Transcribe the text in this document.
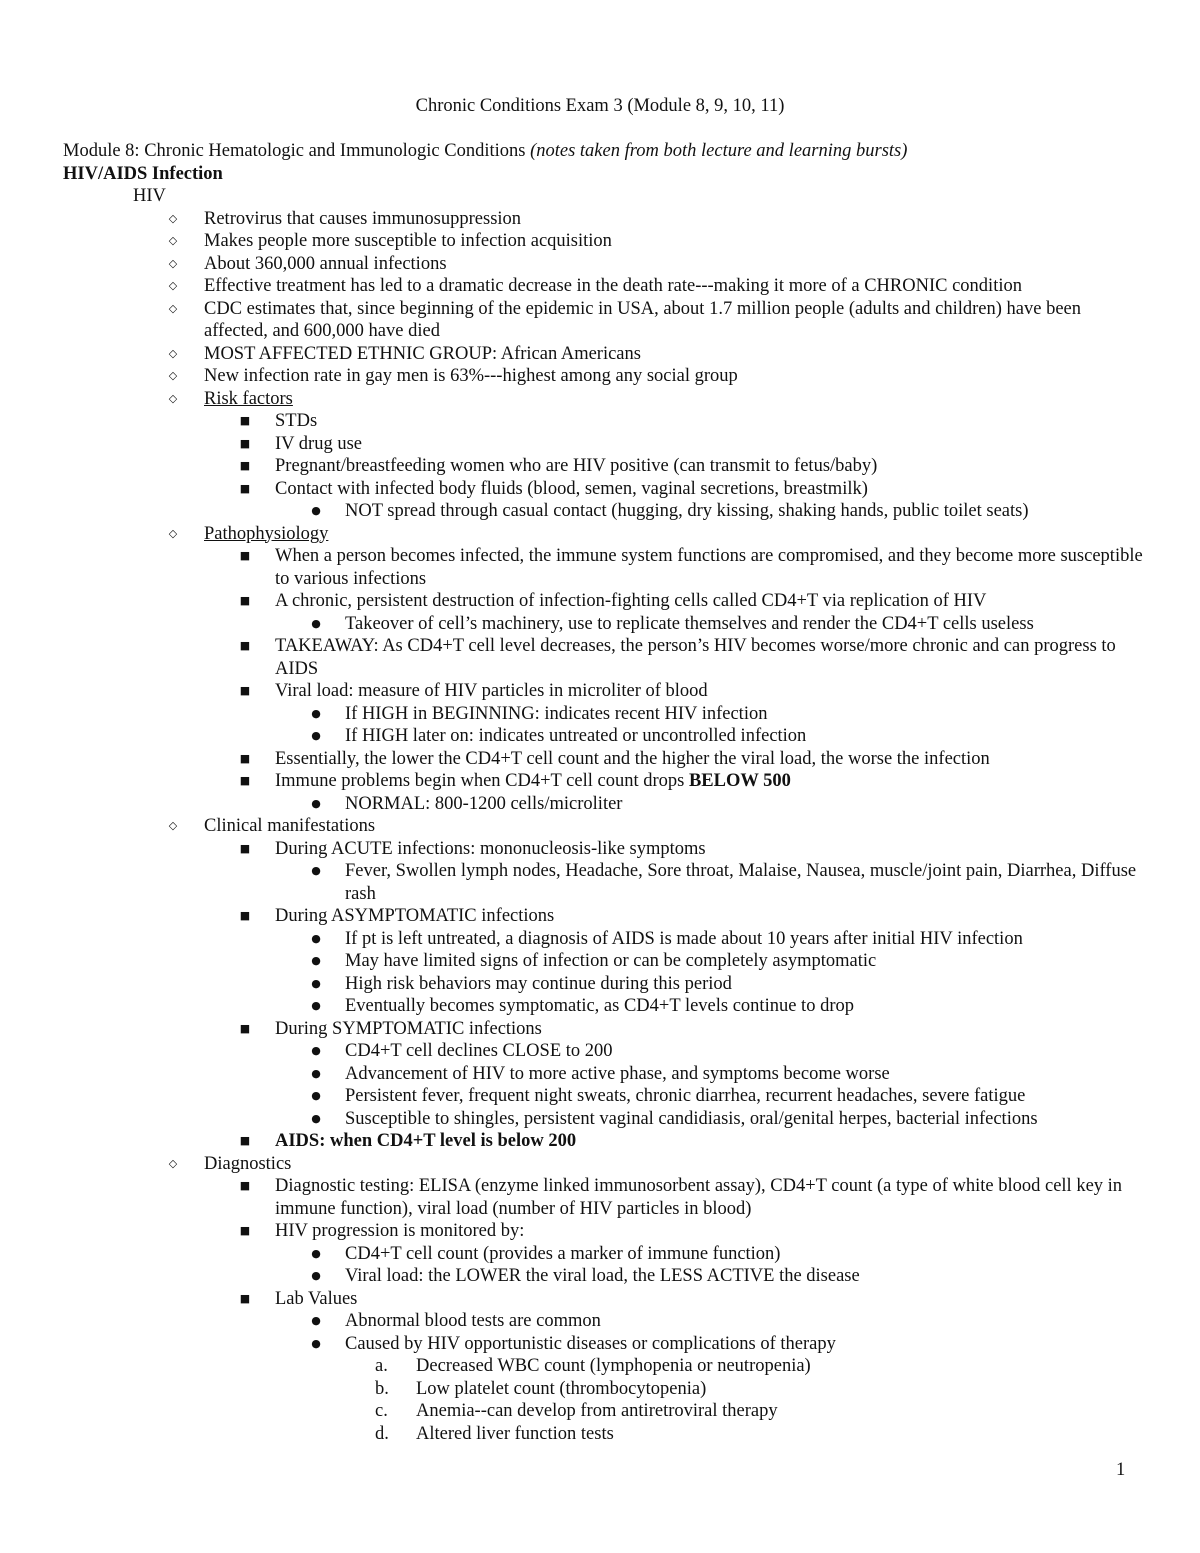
Chronic Conditions Exam 3 (Module 8, 9, 10, 11)
Module 8: Chronic Hematologic and Immunologic Conditions (notes taken from both lecture and learning bursts)
HIV/AIDS Infection
HIV
◇	Retrovirus that causes immunosuppression
◇	Makes people more susceptible to infection acquisition
◇	About 360,000 annual infections
◇	Effective treatment has led to a dramatic decrease in the death rate---making it more of a CHRONIC condition
◇	CDC estimates that, since beginning of the epidemic in USA, about 1.7 million people (adults and children) have been affected, and 600,000 have died
◇	MOST AFFECTED ETHNIC GROUP: African Americans
◇	New infection rate in gay men is 63%---highest among any social group
◇	Risk factors
■	STDs
■	IV drug use
■	Pregnant/breastfeeding women who are HIV positive (can transmit to fetus/baby)
■	Contact with infected body fluids (blood, semen, vaginal secretions, breastmilk)
●	NOT spread through casual contact (hugging, dry kissing, shaking hands, public toilet seats)
◇	Pathophysiology
■	When a person becomes infected, the immune system functions are compromised, and they become more susceptible to various infections
■	A chronic, persistent destruction of infection-fighting cells called CD4+T via replication of HIV
●	Takeover of cell’s machinery, use to replicate themselves and render the CD4+T cells useless
■	TAKEAWAY: As CD4+T cell level decreases, the person’s HIV becomes worse/more chronic and can progress to AIDS
■	Viral load: measure of HIV particles in microliter of blood
●	If HIGH in BEGINNING: indicates recent HIV infection
●	If HIGH later on: indicates untreated or uncontrolled infection
■	Essentially, the lower the CD4+T cell count and the higher the viral load, the worse the infection
■	Immune problems begin when CD4+T cell count drops BELOW 500
●	NORMAL: 800-1200 cells/microliter
◇	Clinical manifestations
■	During ACUTE infections: mononucleosis-like symptoms
●	Fever, Swollen lymph nodes, Headache, Sore throat, Malaise, Nausea, muscle/joint pain, Diarrhea, Diffuse rash
■	During ASYMPTOMATIC infections
●	If pt is left untreated, a diagnosis of AIDS is made about 10 years after initial HIV infection
●	May have limited signs of infection or can be completely asymptomatic
●	High risk behaviors may continue during this period
●	Eventually becomes symptomatic, as CD4+T levels continue to drop
■	During SYMPTOMATIC infections
●	CD4+T cell declines CLOSE to 200
●	Advancement of HIV to more active phase, and symptoms become worse
●	Persistent fever, frequent night sweats, chronic diarrhea, recurrent headaches, severe fatigue
●	Susceptible to shingles, persistent vaginal candidiasis, oral/genital herpes, bacterial infections
■	AIDS: when CD4+T level is below 200
◇	Diagnostics
■	Diagnostic testing: ELISA (enzyme linked immunosorbent assay), CD4+T count (a type of white blood cell key in immune function), viral load (number of HIV particles in blood)
■	HIV progression is monitored by:
●	CD4+T cell count (provides a marker of immune function)
●	Viral load: the LOWER the viral load, the LESS ACTIVE the disease
■	Lab Values
●	Abnormal blood tests are common
●	Caused by HIV opportunistic diseases or complications of therapy
a.	Decreased WBC count (lymphopenia or neutropenia)
b.	Low platelet count (thrombocytopenia)
c.	Anemia--can develop from antiretroviral therapy
d.	Altered liver function tests
1
